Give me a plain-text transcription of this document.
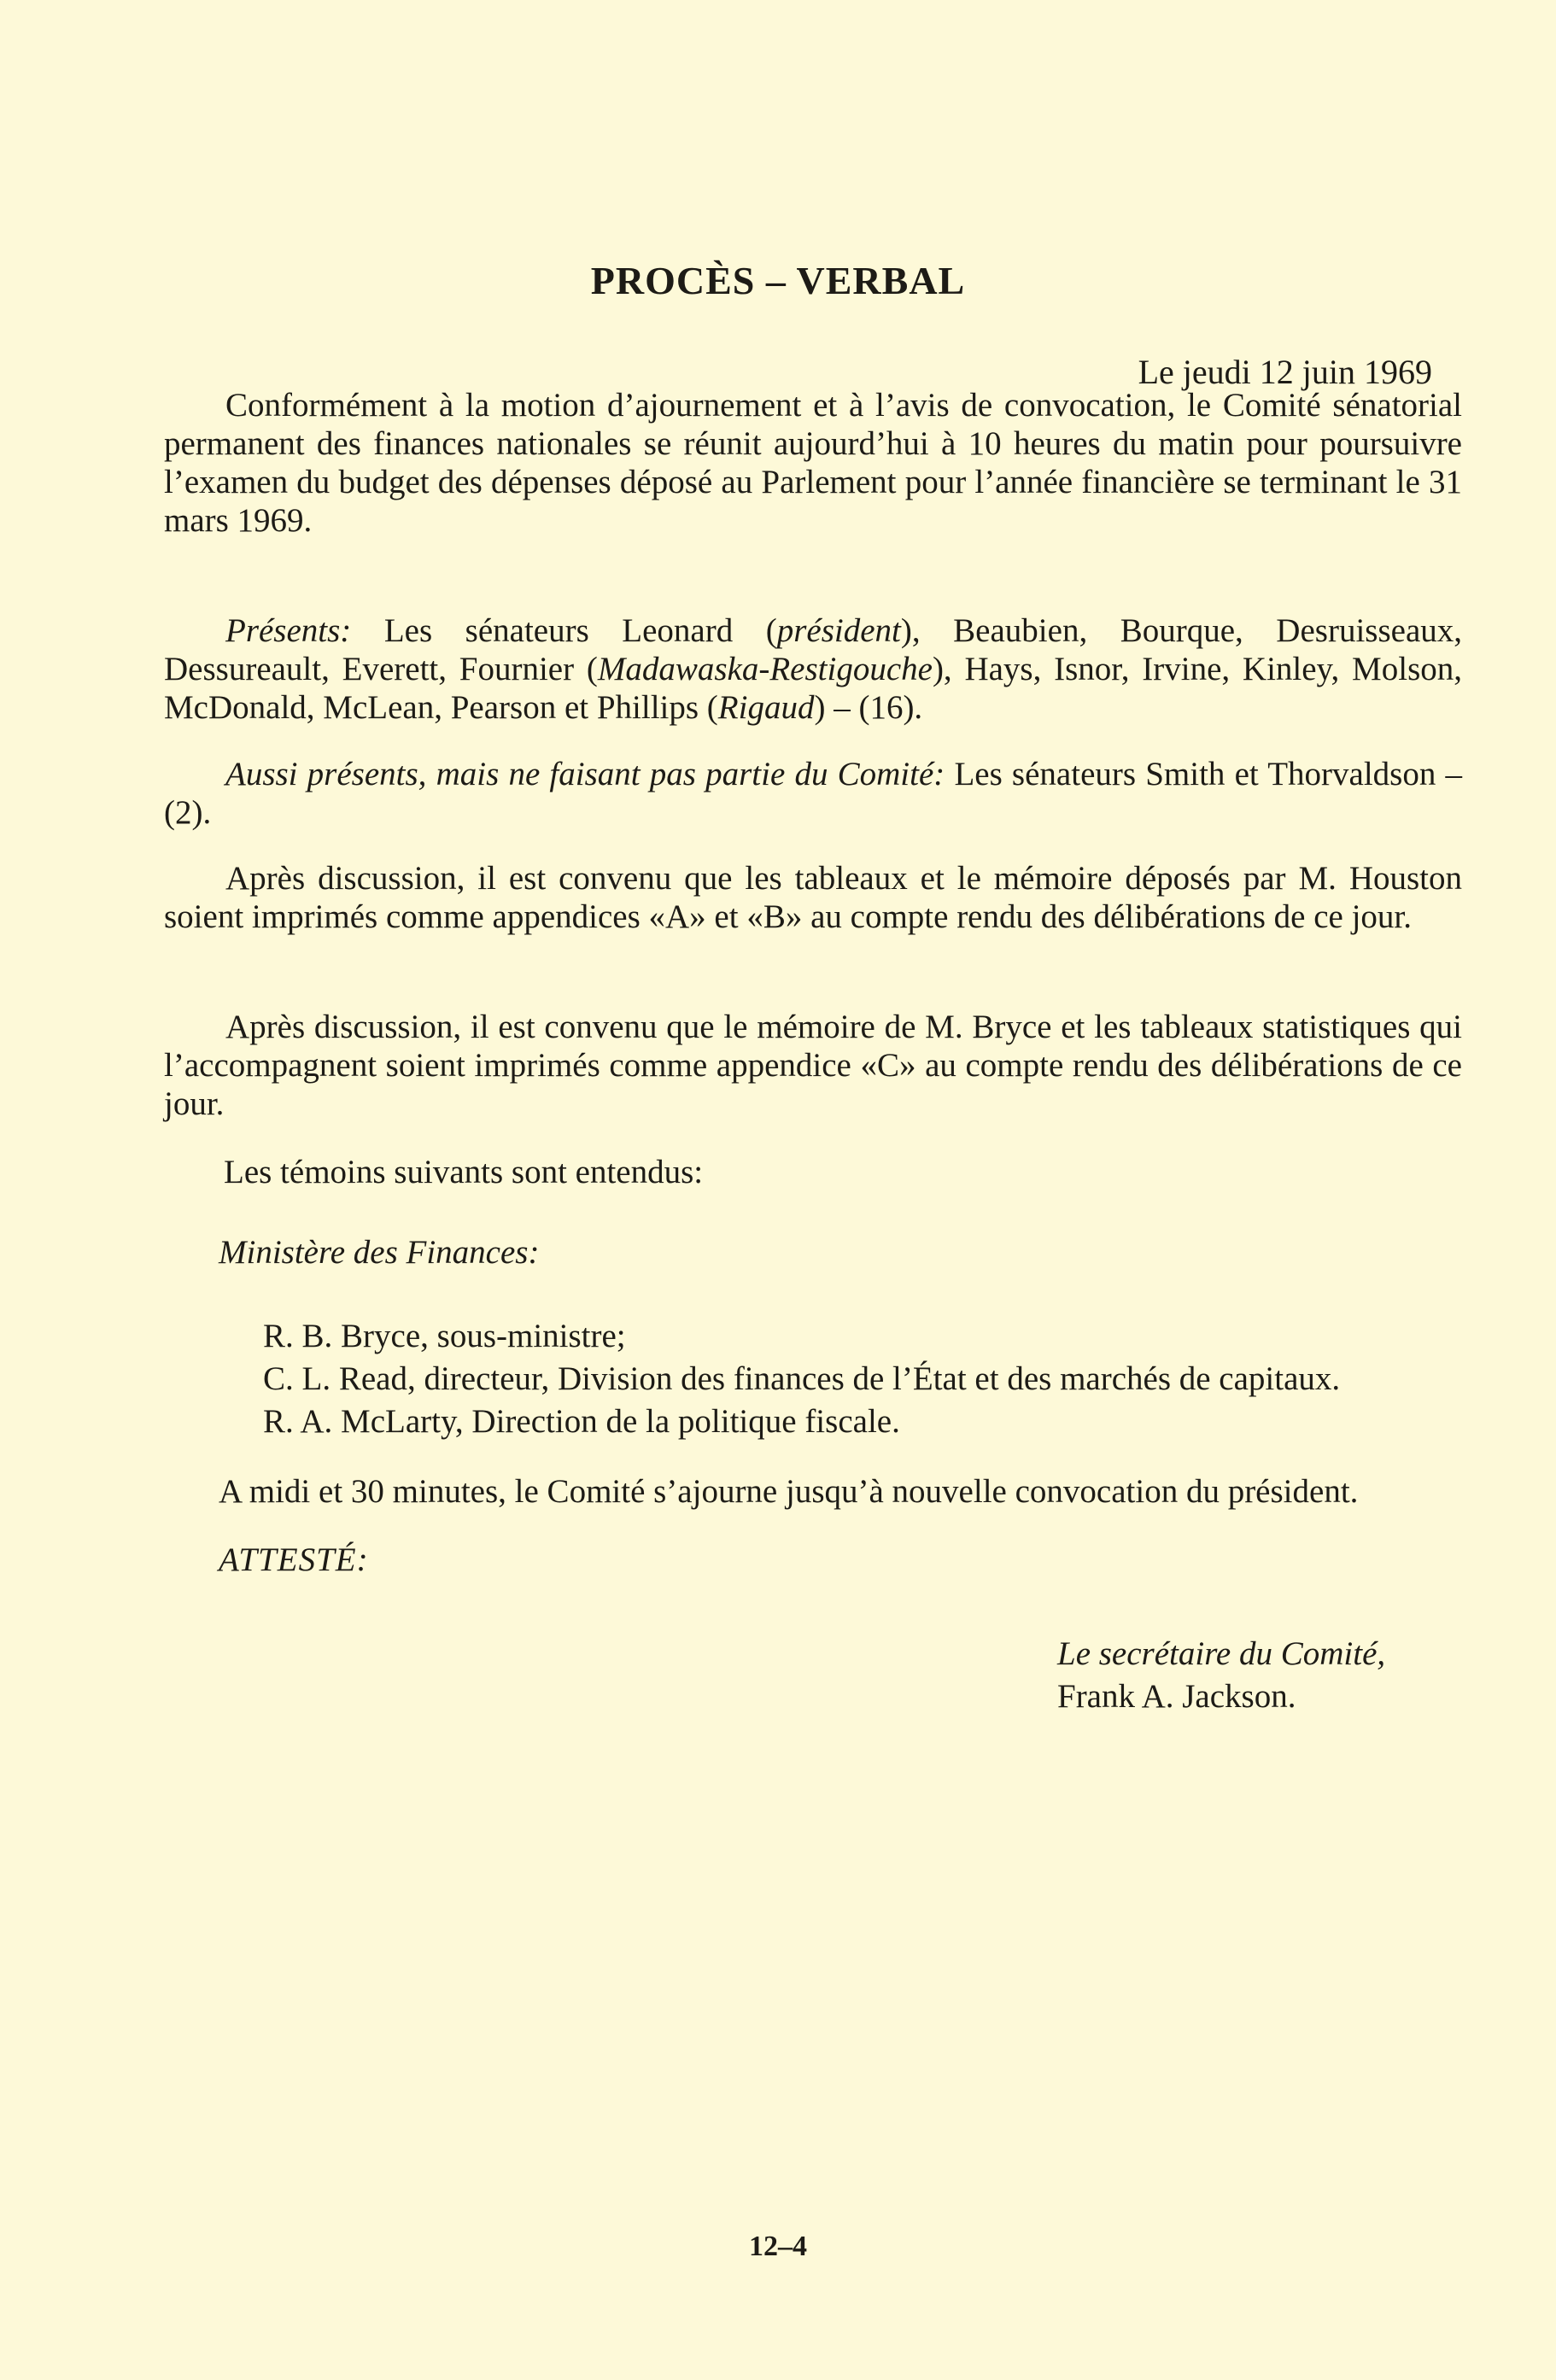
PROCÈS – VERBAL
Le jeudi 12 juin 1969

Conformément à la motion d’ajournement et à l’avis de convocation, le Comité sénatorial permanent des finances nationales se réunit aujourd’hui à 10 heures du matin pour poursuivre l’examen du budget des dépenses déposé au Parlement pour l’année financière se terminant le 31 mars 1969.

Présents: Les sénateurs Leonard (président), Beaubien, Bourque, Desruisseaux, Dessureault, Everett, Fournier (Madawaska-Restigouche), Hays, Isnor, Irvine, Kinley, Molson, McDonald, McLean, Pearson et Phillips (Rigaud) – (16).

Aussi présents, mais ne faisant pas partie du Comité: Les sénateurs Smith et Thorvaldson – (2).

Après discussion, il est convenu que les tableaux et le mémoire déposés par M. Houston soient imprimés comme appendices «A» et «B» au compte rendu des délibérations de ce jour.

Après discussion, il est convenu que le mémoire de M. Bryce et les tableaux statistiques qui l’accompagnent soient imprimés comme appendice «C» au compte rendu des délibérations de ce jour.

Les témoins suivants sont entendus:
Ministère des Finances:
R. B. Bryce, sous-ministre;
C. L. Read, directeur, Division des finances de l’État et des marchés de capitaux.
R. A. McLarty, Direction de la politique fiscale.
A midi et 30 minutes, le Comité s’ajourne jusqu’à nouvelle convocation du président.
ATTESTÉ:
Le secrétaire du Comité,
Frank A. Jackson.
12–4
